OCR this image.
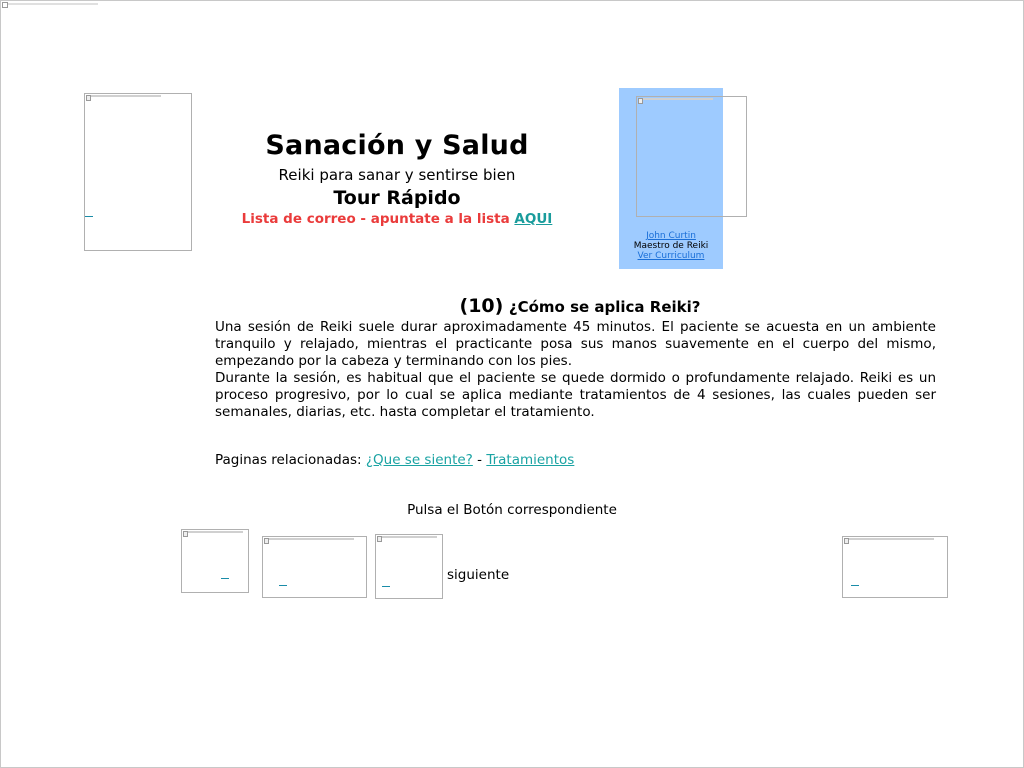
Sanación y Salud
Reiki para sanar y sentirse bien
Tour Rápido
Lista de correo - apuntate a la lista AQUI
John Curtin
Maestro de Reiki
Ver Curriculum
(10) ¿Cómo se aplica Reiki?
Una sesión de Reiki suele durar aproximadamente 45 minutos. El paciente se acuesta en un ambiente tranquilo y relajado, mientras el practicante posa sus manos suavemente en el cuerpo del mismo, empezando por la cabeza y terminando con los pies.
Durante la sesión, es habitual que el paciente se quede dormido o profundamente relajado. Reiki es un proceso progresivo, por lo cual se aplica mediante tratamientos de 4 sesiones, las cuales pueden ser semanales, diarias, etc. hasta completar el tratamiento.
Paginas relacionadas: ¿Que se siente? - Tratamientos
Pulsa el Botón correspondiente
siguiente
